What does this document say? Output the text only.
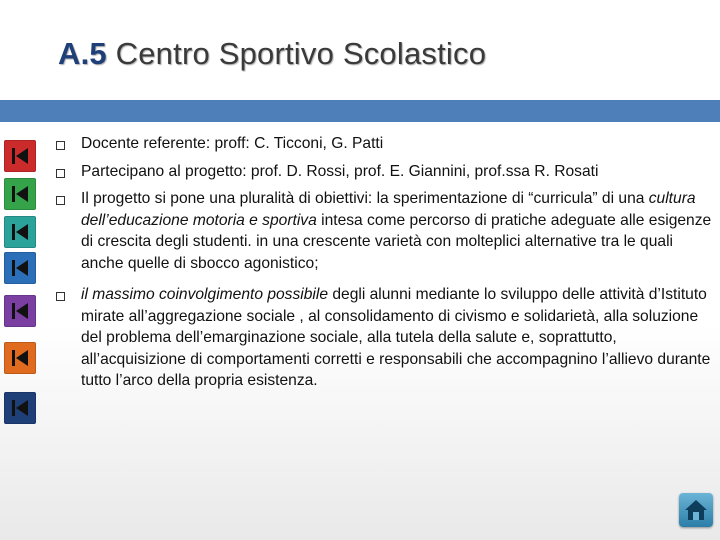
A.5 Centro Sportivo Scolastico
Docente referente: proff: C. Ticconi, G. Patti
Partecipano al progetto: prof. D. Rossi, prof. E. Giannini, prof.ssa R. Rosati
Il progetto si pone una pluralità di obiettivi: la sperimentazione di “curricula” di una cultura dell’educazione motoria e sportiva intesa come percorso di pratiche adeguate alle esigenze di crescita degli studenti. in una crescente varietà con molteplici alternative tra le quali anche quelle di sbocco agonistico;
il massimo coinvolgimento possibile degli alunni mediante lo sviluppo delle attività d’Istituto mirate all’aggregazione sociale , al consolidamento di civismo e solidarietà, alla soluzione del problema dell’emarginazione sociale, alla tutela della salute e, soprattutto, all’acquisizione di comportamenti corretti e responsabili che accompagnino l’allievo durante tutto l’arco della propria esistenza.
